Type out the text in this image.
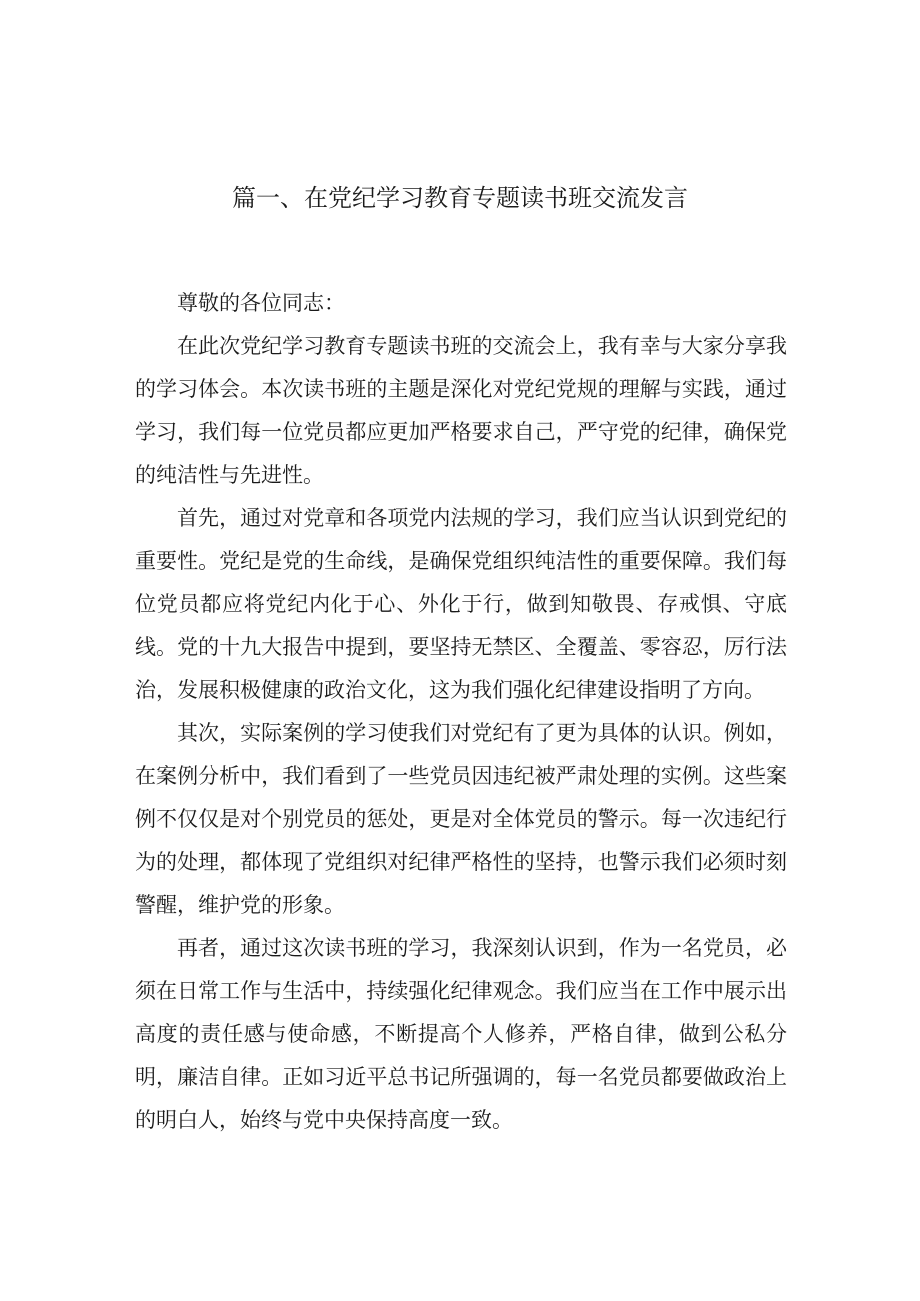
篇一、在党纪学习教育专题读书班交流发言

尊敬的各位同志：

在此次党纪学习教育专题读书班的交流会上，我有幸与大家分享我的学习体会。本次读书班的主题是深化对党纪党规的理解与实践，通过学习，我们每一位党员都应更加严格要求自己，严守党的纪律，确保党的纯洁性与先进性。

首先，通过对党章和各项党内法规的学习，我们应当认识到党纪的重要性。党纪是党的生命线，是确保党组织纯洁性的重要保障。我们每位党员都应将党纪内化于心、外化于行，做到知敬畏、存戒惧、守底线。党的十九大报告中提到，要坚持无禁区、全覆盖、零容忍，厉行法治，发展积极健康的政治文化，这为我们强化纪律建设指明了方向。

其次，实际案例的学习使我们对党纪有了更为具体的认识。例如，在案例分析中，我们看到了一些党员因违纪被严肃处理的实例。这些案例不仅仅是对个别党员的惩处，更是对全体党员的警示。每一次违纪行为的处理，都体现了党组织对纪律严格性的坚持，也警示我们必须时刻警醒，维护党的形象。

再者，通过这次读书班的学习，我深刻认识到，作为一名党员，必须在日常工作与生活中，持续强化纪律观念。我们应当在工作中展示出高度的责任感与使命感，不断提高个人修养，严格自律，做到公私分明，廉洁自律。正如习近平总书记所强调的，每一名党员都要做政治上的明白人，始终与党中央保持高度一致。
